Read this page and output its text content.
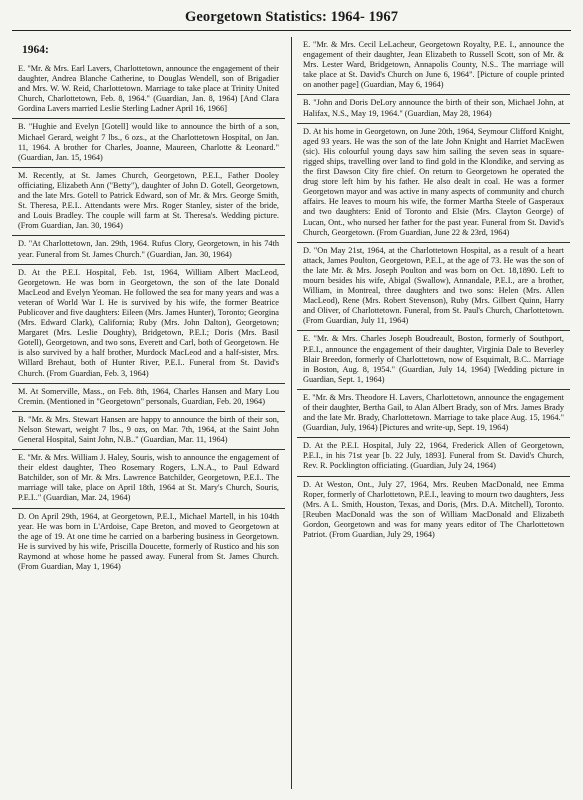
Georgetown Statistics: 1964- 1967
1964:

E. "Mr. & Mrs. Earl Lavers, Charlottetown, announce the engagement of their daughter, Andrea Blanche Catherine, to Douglas Wendell, son of Brigadier and Mrs. W. W. Reid, Charlottetown. Marriage to take place at Trinity United Church, Charlottetown, Feb. 8, 1964." (Guardian, Jan. 8, 1964) [And Clara Gordina Lavers married Leslie Sterling Ladner April 16, 1966]

B. "Hughie and Evelyn [Gotell] would like to announce the birth of a son, Michael Gerard, weight 7 lbs., 6 ozs., at the Charlottetown Hospital, on Jan. 11, 1964. A brother for Charles, Joanne, Maureen, Charlotte & Leonard." (Guardian, Jan. 15, 1964)

M. Recently, at St. James Church, Georgetown, P.E.I., Father Dooley officiating, Elizabeth Ann ("Betty"), daughter of John D. Gotell, Georgetown, and the late Mrs. Gotell to Patrick Edward, son of Mr. & Mrs. George Smith, St. Theresa, P.E.I.. Attendants were Mrs. Roger Stanley, sister of the bride, and Louis Bradley. The couple will farm at St. Theresa's. Wedding picture.(From Guardian, Jan. 30, 1964)

D. "At Charlottetown, Jan. 29th, 1964. Rufus Clory, Georgetown, in his 74th year. Funeral from St. James Church." (Guardian, Jan. 30, 1964)

D. At the P.E.I. Hospital, Feb. 1st, 1964, William Albert MacLeod, Georgetown. He was born in Georgetown, the son of the late Donald MacLeod and Evelyn Yeoman. He followed the sea for many years and was a veteran of World War I. He is survived by his wife, the former Beatrice Publicover and five daughters: Eileen (Mrs. James Hunter), Toronto; Georgina (Mrs. Edward Clark), California; Ruby (Mrs. John Dalton), Georgetown; Margaret (Mrs. Leslie Doughty), Bridgetown, P.E.I.; Doris (Mrs. Basil Gotell), Georgetown, and two sons, Everett and Carl, both of Georgetown. He is also survived by a half brother, Murdock MacLeod and a half-sister, Mrs. Willard Brehaut, both of Hunter River, P.E.I.. Funeral from St. David's Church. (From Guardian, Feb. 3, 1964)

M. At Somerville, Mass., on Feb. 8th, 1964, Charles Hansen and Mary Lou Cremin. (Mentioned in "Georgetown" personals, Guardian, Feb. 20, 1964)

B. "Mr. & Mrs. Stewart Hansen are happy to announce the birth of their son, Nelson Stewart, weight 7 lbs., 9 ozs, on Mar. 7th, 1964, at the Saint John General Hospital, Saint John, N.B.." (Guardian, Mar. 11, 1964)

E. "Mr. & Mrs. William J. Haley, Souris, wish to announce the engagement of their eldest daughter, Theo Rosemary Rogers, L.N.A., to Paul Edward Batchilder, son of Mr. & Mrs. Lawrence Batchilder, Georgetown, P.E.I.. The marriage will take, place on April 18th, 1964 at St. Mary's Church, Souris, P.E.I.." (Guardian, Mar. 24, 1964)

D. On April 29th, 1964, at Georgetown, P.E.I., Michael Martell, in his 104th year. He was born in L'Ardoise, Cape Breton, and moved to Georgetown at the age of 19. At one time he carried on a barbering business in Georgetown. He is survived by his wife, Priscilla Doucette, formerly of Rustico and his son Raymond at whose home he passed away. Funeral from St. James Church. (From Guardian, May 1, 1964)

E. "Mr. & Mrs. Cecil LeLacheur, Georgetown Royalty, P.E. I., announce the engagement of their daughter, Jean Elizabeth to Russell Scott, son of Mr. & Mrs. Lester Ward, Bridgetown, Annapolis County, N.S.. The marriage will take place at St. David's Church on June 6, 1964". [Picture of couple printed on another page] (Guardian, May 6, 1964)

B. "John and Doris DeLory announce the birth of their son, Michael John, at Halifax, N.S., May 19, 1964." (Guardian, May 28, 1964)

D. At his home in Georgetown, on June 20th, 1964, Seymour Clifford Knight, aged 93 years. He was the son of the late John Knight and Harriet MacEwen (sic). His colourful young days saw him sailing the seven seas in square- rigged ships, travelling over land to find gold in the Klondike, and serving as the first Dawson City fire chief. On return to Georgetown he operated the drug store left him by his father. He also dealt in coal. He was a former Georgetown mayor and was active in many aspects of community and church affairs. He leaves to mourn his wife, the former Martha Steele of Gasperaux and two daughters: Enid of Toronto and Elsie (Mrs. Clayton George) of Lucan, Ont., who nursed her father for the past year. Funeral from St. David's Church, Georgetown. (From Guardian, June 22 & 23rd, 1964)

D. "On May 21st, 1964, at the Charlottetown Hospital, as a result of a heart attack, James Poulton, Georgetown, P.E.I., at the age of 73. He was the son of the late Mr. & Mrs. Joseph Poulton and was born on Oct. 18,1890. Left to mourn besides his wife, Abigal (Swallow), Annandale, P.E.I., are a brother, William, in Montreal, three daughters and two sons: Helen (Mrs. Allen MacLeod), Rene (Mrs. Robert Stevenson), Ruby (Mrs. Gilbert Quinn, Harry and Oliver, of Charlottetown. Funeral, from St. Paul's Church, Charlottetown. (From Guardian, July 11, 1964)

E. "Mr. & Mrs. Charles Joseph Boudreault, Boston, formerly of Southport, P.E.I., announce the engagement of their daughter, Virginia Dale to Beverley Blair Breedon, formerly of Charlottetown, now of Esquimalt, B.C.. Marriage in Boston, Aug. 8, 1954." (Guardian, July 14, 1964) [Wedding picture in Guardian, Sept. 1, 1964)

E. "Mr. & Mrs. Theodore H. Lavers, Charlottetown, announce the engagement of their daughter, Bertha Gail, to Alan Albert Brady, son of Mrs. James Brady and the late Mr. Brady, Charlottetown. Marriage to take place Aug. 15, 1964." (Guardian, July, 1964) [Pictures and write-up, Sept. 19, 1964)

D. At the P.E.I. Hospital, July 22, 1964, Frederick Allen of Georgetown, P.E.I., in his 71st year [b. 22 July, 1893]. Funeral from St. David's Church, Rev. R. Pocklington officiating. (Guardian, July 24, 1964)

D. At Weston, Ont., July 27, 1964, Mrs. Reuben MacDonald, nee Emma Roper, formerly of Charlottetown, P.E.I., leaving to mourn two daughters, Jess (Mrs. A L. Smith, Houston, Texas, and Doris, (Mrs. D.A. Mitchell), Toronto. [Reuben MacDonald was the son of William MacDonald and Elizabeth Gordon, Georgetown and was for many years editor of The Charlottetown Patriot. (From Guardian, July 29, 1964)
